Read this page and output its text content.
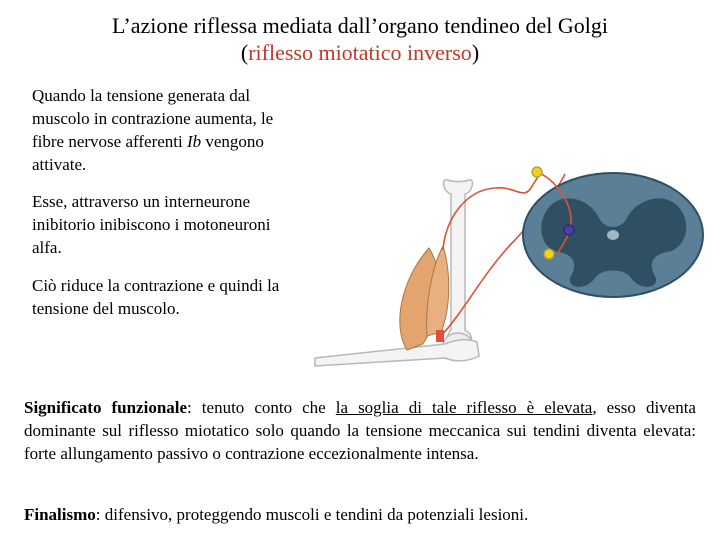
L’azione riflessa mediata dall’organo tendineo del Golgi
(riflesso miotatico inverso)
Quando la tensione generata dal muscolo in contrazione aumenta, le fibre nervose afferenti Ib vengono attivate.
Esse, attraverso un interneurone inibitorio inibiscono i motoneuroni alfa.
Ciò riduce la contrazione e quindi la tensione del muscolo.
Significato funzionale: tenuto conto che la soglia di tale riflesso è elevata, esso diventa dominante sul riflesso miotatico solo quando la tensione meccanica sui tendini diventa elevata: forte allungamento passivo o contrazione eccezionalmente intensa.
Finalismo: difensivo, proteggendo muscoli e tendini da potenziali lesioni.
